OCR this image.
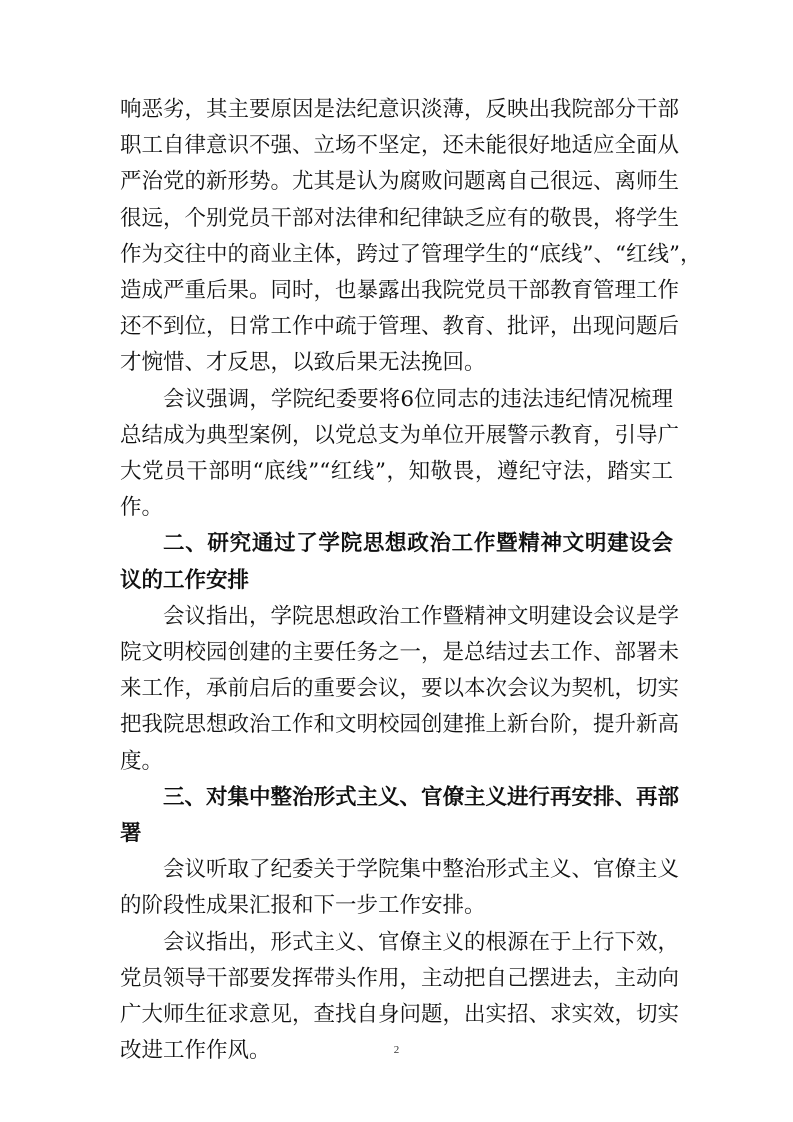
响恶劣，其主要原因是法纪意识淡薄，反映出我院部分干部
职工自律意识不强、立场不坚定，还未能很好地适应全面从
严治党的新形势。尤其是认为腐败问题离自己很远、离师生
很远，个别党员干部对法律和纪律缺乏应有的敬畏，将学生
作为交往中的商业主体，跨过了管理学生的“底线”、“红线”，
造成严重后果。同时，也暴露出我院党员干部教育管理工作
还不到位，日常工作中疏于管理、教育、批评，出现问题后
才惋惜、才反思，以致后果无法挽回。
会议强调，学院纪委要将6位同志的违法违纪情况梳理
总结成为典型案例，以党总支为单位开展警示教育，引导广
大党员干部明“底线”“红线”，知敬畏，遵纪守法，踏实工
作。
二、研究通过了学院思想政治工作暨精神文明建设会
议的工作安排
会议指出，学院思想政治工作暨精神文明建设会议是学
院文明校园创建的主要任务之一，是总结过去工作、部署未
来工作，承前启后的重要会议，要以本次会议为契机，切实
把我院思想政治工作和文明校园创建推上新台阶，提升新高
度。
三、对集中整治形式主义、官僚主义进行再安排、再部
署
会议听取了纪委关于学院集中整治形式主义、官僚主义
的阶段性成果汇报和下一步工作安排。
会议指出，形式主义、官僚主义的根源在于上行下效，
2
党员领导干部要发挥带头作用，主动把自己摆进去，主动向
广大师生征求意见，查找自身问题，出实招、求实效，切实
改进工作作风。
